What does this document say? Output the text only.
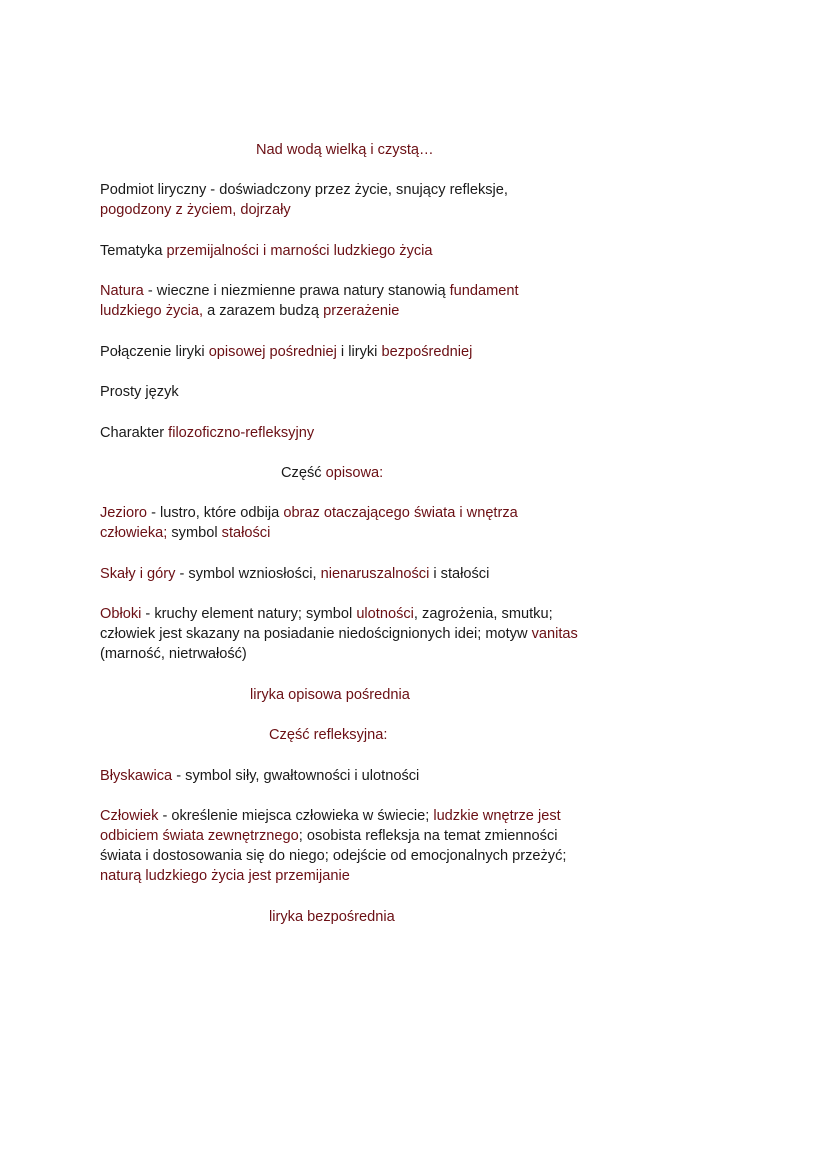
Nad wodą wielką i czystą…
Podmiot liryczny - doświadczony przez życie, snujący refleksje,
pogodzony z życiem, dojrzały
Tematyka przemijalności i marności ludzkiego życia
Natura - wieczne i niezmienne prawa natury stanowią fundament
ludzkiego życia, a zarazem budzą przerażenie
Połączenie liryki opisowej pośredniej i liryki bezpośredniej
Prosty język
Charakter filozoficzno-refleksyjny
Część opisowa:
Jezioro - lustro, które odbija obraz otaczającego świata i wnętrza
człowieka; symbol stałości
Skały i góry - symbol wzniosłości, nienaruszalności i stałości
Obłoki - kruchy element natury; symbol ulotności, zagrożenia, smutku;
człowiek jest skazany na posiadanie niedoścignionych idei; motyw vanitas
(marność, nietrwałość)
liryka opisowa pośrednia
Część refleksyjna:
Błyskawica - symbol siły, gwałtowności i ulotności
Człowiek - określenie miejsca człowieka w świecie; ludzkie wnętrze jest
odbiciem świata zewnętrznego; osobista refleksja na temat zmienności
świata i dostosowania się do niego; odejście od emocjonalnych przeżyć;
naturą ludzkiego życia jest przemijanie
liryka bezpośrednia
